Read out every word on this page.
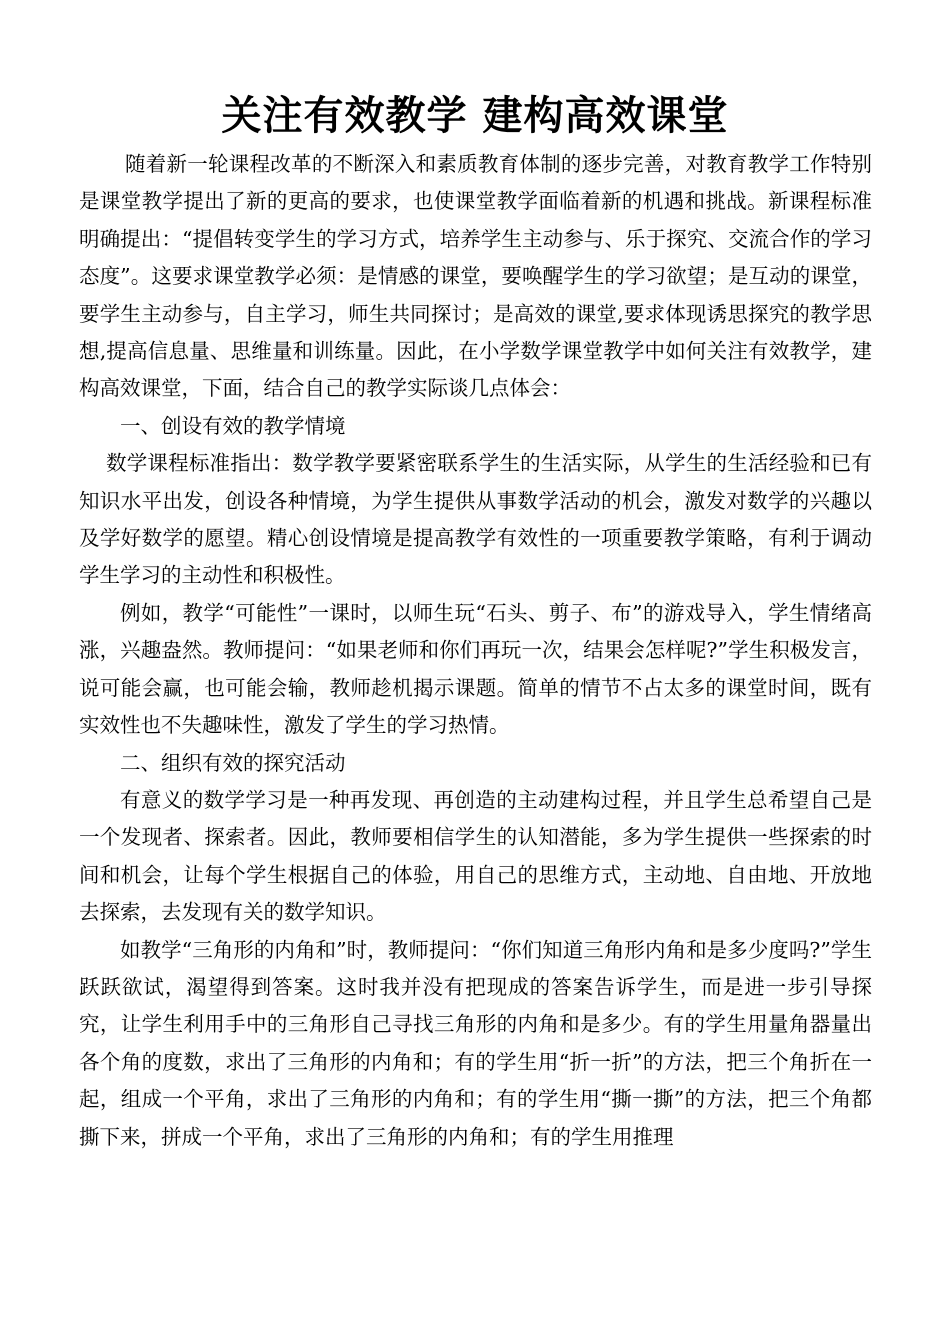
关注有效教学 建构高效课堂

随着新一轮课程改革的不断深入和素质教育体制的逐步完善，对教育教学工作特别是课堂教学提出了新的更高的要求，也使课堂教学面临着新的机遇和挑战。新课程标准明确提出：“提倡转变学生的学习方式，培养学生主动参与、乐于探究、交流合作的学习态度”。这要求课堂教学必须：是情感的课堂，要唤醒学生的学习欲望；是互动的课堂，要学生主动参与，自主学习，师生共同探讨；是高效的课堂,要求体现诱思探究的教学思想,提高信息量、思维量和训练量。因此，在小学数学课堂教学中如何关注有效教学，建构高效课堂，下面，结合自己的教学实际谈几点体会：

一、创设有效的教学情境

数学课程标准指出：数学教学要紧密联系学生的生活实际，从学生的生活经验和已有知识水平出发，创设各种情境，为学生提供从事数学活动的机会，激发对数学的兴趣以及学好数学的愿望。精心创设情境是提高教学有效性的一项重要教学策略，有利于调动学生学习的主动性和积极性。

例如，教学“可能性”一课时，以师生玩“石头、剪子、布”的游戏导入，学生情绪高涨，兴趣盎然。教师提问：“如果老师和你们再玩一次，结果会怎样呢?”学生积极发言，说可能会赢，也可能会输，教师趁机揭示课题。简单的情节不占太多的课堂时间，既有实效性也不失趣味性，激发了学生的学习热情。

二、组织有效的探究活动

有意义的数学学习是一种再发现、再创造的主动建构过程，并且学生总希望自己是一个发现者、探索者。因此，教师要相信学生的认知潜能，多为学生提供一些探索的时间和机会，让每个学生根据自己的体验，用自己的思维方式，主动地、自由地、开放地去探索，去发现有关的数学知识。

如教学“三角形的内角和”时，教师提问：“你们知道三角形内角和是多少度吗?”学生跃跃欲试，渴望得到答案。这时我并没有把现成的答案告诉学生，而是进一步引导探究，让学生利用手中的三角形自己寻找三角形的内角和是多少。有的学生用量角器量出各个角的度数，求出了三角形的内角和；有的学生用“折一折”的方法，把三个角折在一起，组成一个平角，求出了三角形的内角和；有的学生用“撕一撕”的方法，把三个角都撕下来，拼成一个平角，求出了三角形的内角和；有的学生用推理
